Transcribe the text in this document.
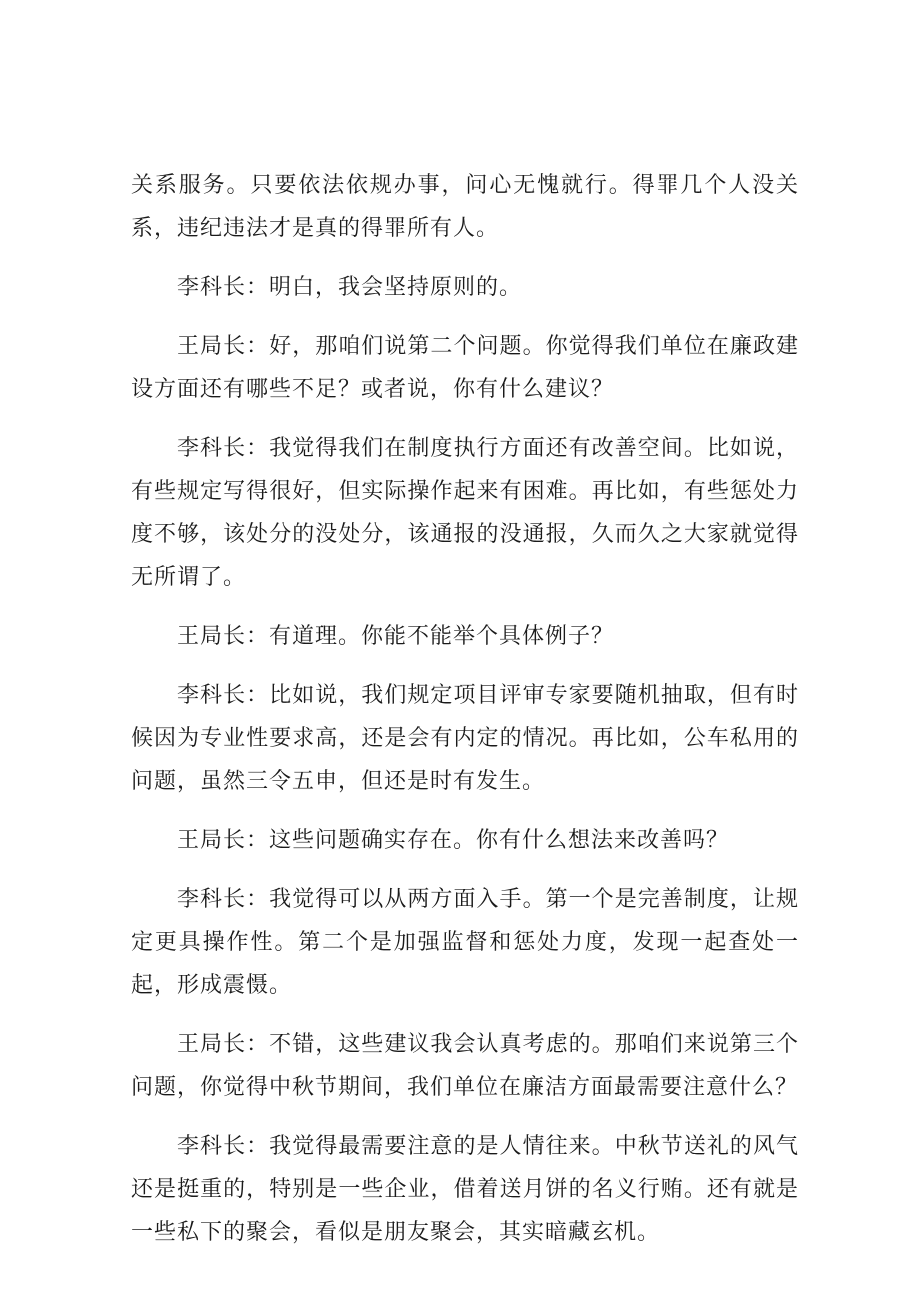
关系服务。只要依法依规办事，问心无愧就行。得罪几个人没关系，违纪违法才是真的得罪所有人。

李科长：明白，我会坚持原则的。

王局长：好，那咱们说第二个问题。你觉得我们单位在廉政建设方面还有哪些不足？或者说，你有什么建议？

李科长：我觉得我们在制度执行方面还有改善空间。比如说，有些规定写得很好，但实际操作起来有困难。再比如，有些惩处力度不够，该处分的没处分，该通报的没通报，久而久之大家就觉得无所谓了。

王局长：有道理。你能不能举个具体例子？

李科长：比如说，我们规定项目评审专家要随机抽取，但有时候因为专业性要求高，还是会有内定的情况。再比如，公车私用的问题，虽然三令五申，但还是时有发生。

王局长：这些问题确实存在。你有什么想法来改善吗？

李科长：我觉得可以从两方面入手。第一个是完善制度，让规定更具操作性。第二个是加强监督和惩处力度，发现一起查处一起，形成震慑。

王局长：不错，这些建议我会认真考虑的。那咱们来说第三个问题，你觉得中秋节期间，我们单位在廉洁方面最需要注意什么？

李科长：我觉得最需要注意的是人情往来。中秋节送礼的风气还是挺重的，特别是一些企业，借着送月饼的名义行贿。还有就是一些私下的聚会，看似是朋友聚会，其实暗藏玄机。
